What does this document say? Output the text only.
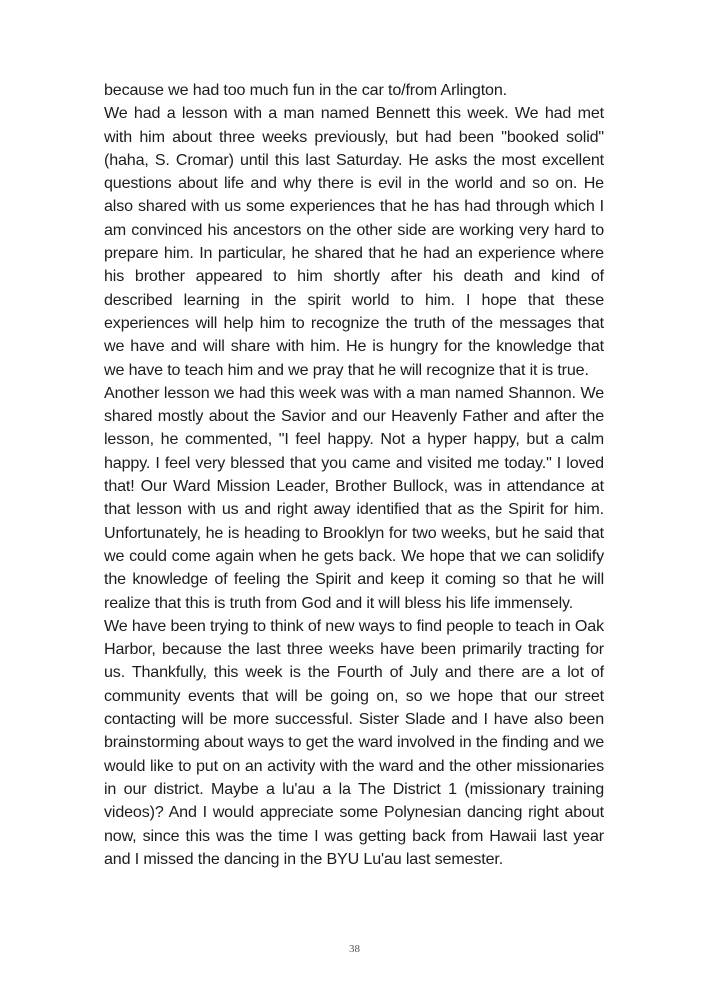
because we had too much fun in the car to/from Arlington.

We had a lesson with a man named Bennett this week. We had met with him about three weeks previously, but had been "booked solid" (haha, S. Cromar) until this last Saturday. He asks the most excellent questions about life and why there is evil in the world and so on. He also shared with us some experiences that he has had through which I am convinced his ancestors on the other side are working very hard to prepare him. In particular, he shared that he had an experience where his brother appeared to him shortly after his death and kind of described learning in the spirit world to him. I hope that these experiences will help him to recognize the truth of the messages that we have and will share with him. He is hungry for the knowledge that we have to teach him and we pray that he will recognize that it is true.

Another lesson we had this week was with a man named Shannon. We shared mostly about the Savior and our Heavenly Father and after the lesson, he commented, "I feel happy. Not a hyper happy, but a calm happy. I feel very blessed that you came and visited me today." I loved that! Our Ward Mission Leader, Brother Bullock, was in attendance at that lesson with us and right away identified that as the Spirit for him. Unfortunately, he is heading to Brooklyn for two weeks, but he said that we could come again when he gets back. We hope that we can solidify the knowledge of feeling the Spirit and keep it coming so that he will realize that this is truth from God and it will bless his life immensely.

We have been trying to think of new ways to find people to teach in Oak Harbor, because the last three weeks have been primarily tracting for us. Thankfully, this week is the Fourth of July and there are a lot of community events that will be going on, so we hope that our street contacting will be more successful. Sister Slade and I have also been brainstorming about ways to get the ward involved in the finding and we would like to put on an activity with the ward and the other missionaries in our district. Maybe a lu'au a la The District 1 (missionary training videos)? And I would appreciate some Polynesian dancing right about now, since this was the time I was getting back from Hawaii last year and I missed the dancing in the BYU Lu'au last semester.

38
